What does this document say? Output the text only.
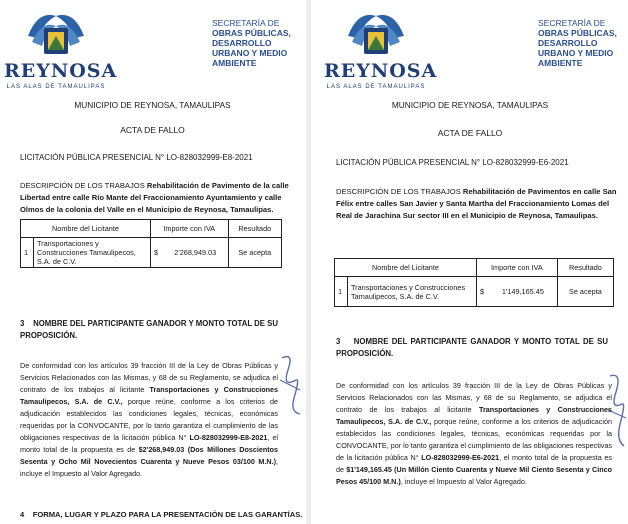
REYNOSA
LAS ALAS DE TAMAULIPAS
SECRETARÍA DE
OBRAS PÚBLICAS,
DESARROLLO
URBANO Y MEDIO
AMBIENTE
MUNICIPIO DE REYNOSA, TAMAULIPAS
ACTA DE FALLO
LICITACIÓN PÚBLICA PRESENCIAL N° LO-828032999-E8-2021
DESCRIPCIÓN DE LOS TRABAJOS Rehabilitación de Pavimento de la calle Libertad entre calle Río Mante del Fraccionamiento Ayuntamiento y calle Olmos de la colonia del Valle en el Municipio de Reynosa, Tamaulipas.
Nombre del Licitante		Importe con IVA		Resultado
1	Transportaciones y Construcciones Tamaulipecos, S.A. de C.V.	$	2'268,949.03	Se acepta
3 NOMBRE DEL PARTICIPANTE GANADOR Y MONTO TOTAL DE SU PROPOSICIÓN.
De conformidad con los artículos 39 fracción III de la Ley de Obras Públicas y Servicios Relacionados con las Mismas, y 68 de su Reglamento, se adjudica el contrato de los trabajos al licitante Transportaciones y Construcciones Tamaulipecos, S.A. de C.V., porque reúne, conforme a los criterios de adjudicación establecidos las condiciones legales, técnicas, económicas requeridas por la CONVOCANTE, por lo tanto garantiza el cumplimiento de las obligaciones respectivas de la licitación pública N° LO-828032999-E8-2021, el monto total de la propuesta es de $2'268,949.03 (Dos Millones Doscientos Sesenta y Ocho Mil Novecientos Cuarenta y Nueve Pesos 03/100 M.N.), incluye el Impuesto al Valor Agregado.
4 FORMA, LUGAR Y PLAZO PARA LA PRESENTACIÓN DE LAS GARANTÍAS.
REYNOSA
LAS ALAS DE TAMAULIPAS
SECRETARÍA DE
OBRAS PÚBLICAS,
DESARROLLO
URBANO Y MEDIO
AMBIENTE
MUNICIPIO DE REYNOSA, TAMAULIPAS
ACTA DE FALLO
LICITACIÓN PÚBLICA PRESENCIAL N° LO-828032999-E6-2021
DESCRIPCIÓN DE LOS TRABAJOS Rehabilitación de Pavimentos en calle San Félix entre calles San Javier y Santa Martha del Fraccionamiento Lomas del Real de Jarachina Sur sector III en el Municipio de Reynosa, Tamaulipas.
Nombre del Licitante		Importe con IVA		Resultado
1	Transportaciones y Construcciones Tamaulipecos, S.A. de C.V.	$	1'149,165.45	Se acepta
3 NOMBRE DEL PARTICIPANTE GANADOR Y MONTO TOTAL DE SU PROPOSICIÓN.
De conformidad con los artículos 39 fracción III de la Ley de Obras Públicas y Servicios Relacionados con las Mismas, y 68 de su Reglamento, se adjudica el contrato de los trabajos al licitante Transportaciones y Construcciones Tamaulipecos, S.A. de C.V., porque reúne, conforme a los criterios de adjudicación establecidos las condiciones legales, técnicas, económicas requeridas por la CONVOCANTE, por lo tanto garantiza el cumplimiento de las obligaciones respectivas de la licitación pública N° LO-828032999-E6-2021, el monto total de la propuesta es de $1'149,165.45 (Un Millón Ciento Cuarenta y Nueve Mil Ciento Sesenta y Cinco Pesos 45/100 M.N.), incluye el Impuesto al Valor Agregado.
